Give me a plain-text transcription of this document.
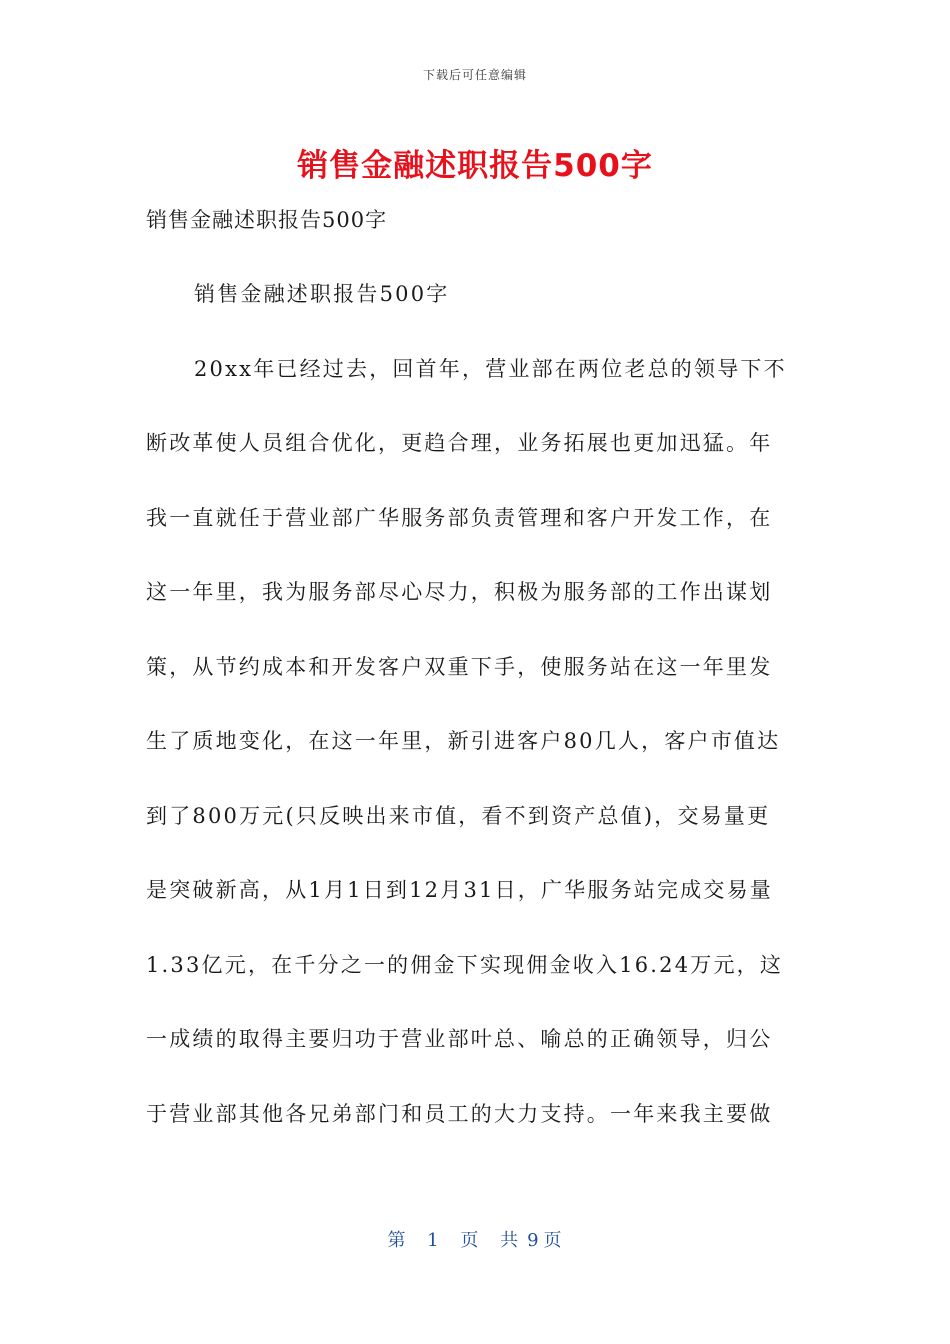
下载后可任意编辑
销售金融述职报告500字
销售金融述职报告500字
销售金融述职报告500字
20xx年已经过去，回首年，营业部在两位老总的领导下不
断改革使人员组合优化，更趋合理，业务拓展也更加迅猛。年
我一直就任于营业部广华服务部负责管理和客户开发工作，在
这一年里，我为服务部尽心尽力，积极为服务部的工作出谋划
策，从节约成本和开发客户双重下手，使服务站在这一年里发
生了质地变化，在这一年里，新引进客户80几人，客户市值达
到了800万元(只反映出来市值，看不到资产总值)，交易量更
是突破新高，从1月1日到12月31日，广华服务站完成交易量
1.33亿元，在千分之一的佣金下实现佣金收入16.24万元，这
一成绩的取得主要归功于营业部叶总、喻总的正确领导，归公
于营业部其他各兄弟部门和员工的大力支持。一年来我主要做
第 1 页 共 9 页
